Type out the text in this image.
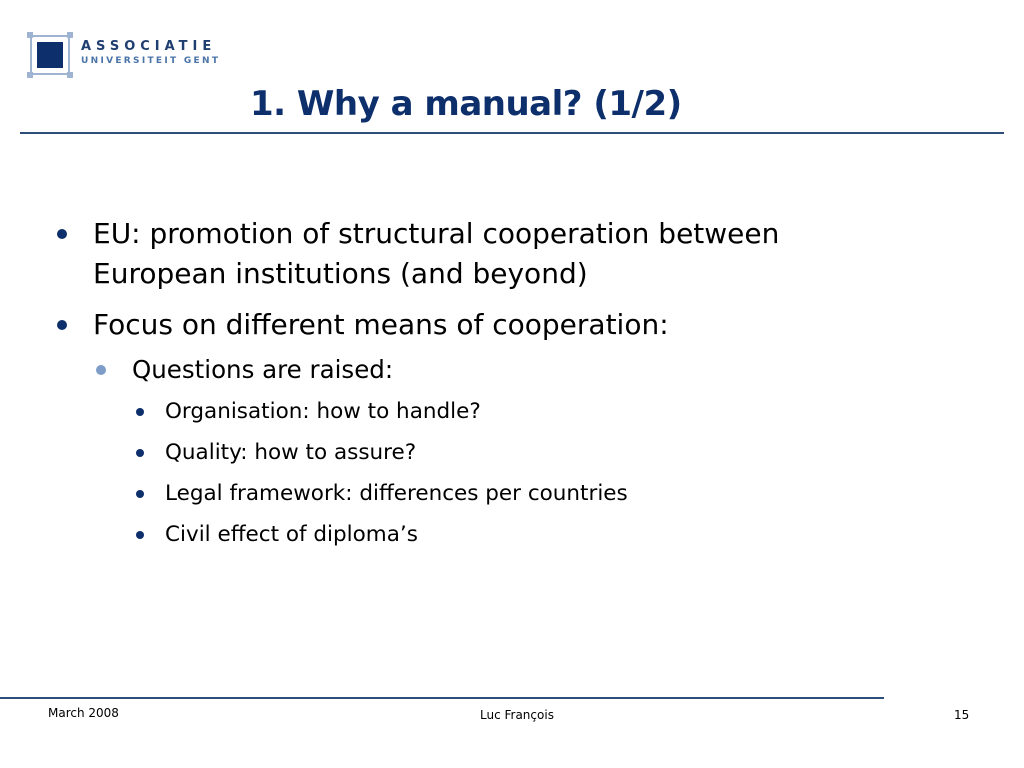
ASSOCIATIE
UNIVERSITEIT GENT
1. Why a manual? (1/2)
EU: promotion of structural cooperation between
European institutions (and beyond)
Focus on different means of cooperation:
Questions are raised:
Organisation: how to handle?
Quality: how to assure?
Legal framework: differences per countries
Civil effect of diploma’s
March 2008	Luc François	15
